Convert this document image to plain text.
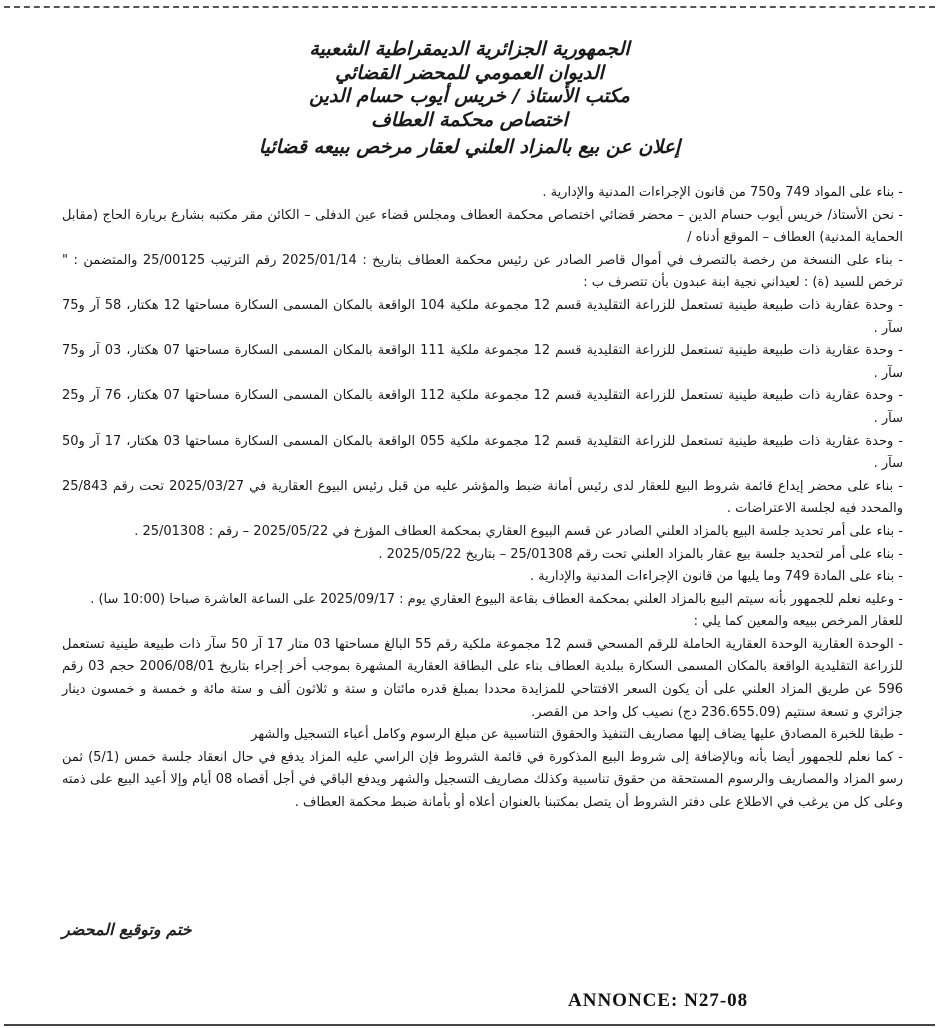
الجمهورية الجزائرية الديمقراطية الشعبية
الديوان العمومي للمحضر القضائي
مكتب الأستاذ / خريس أيوب حسام الدين
اختصاص محكمة العطاف
إعلان عن بيع بالمزاد العلني لعقار مرخص ببيعه قضائيا

- بناء على المواد 749 و750 من قانون الإجراءات المدنية والإدارية .

- نحن الأستاذ/ خريس أيوب حسام الدين – محضر قضائي اختصاص محكمة العطاف ومجلس قضاء عين الدفلى – الكائن مقر مكتبه بشارع بريارة الحاج (مقابل الحماية المدنية) العطاف – الموقع أدناه /

- بناء على النسخة من رخصة بالتصرف في أموال قاصر الصادر عن رئيس محكمة العطاف بتاريخ : 2025/01/14 رقم الترتيب 25/00125 والمتضمن : " ترخص للسيد (ة) : لعيداني نجية ابنة عبدون بأن تتصرف ب :

- وحدة عقارية ذات طبيعة طينية تستعمل للزراعة التقليدية قسم 12 مجموعة ملكية 104 الواقعة بالمكان المسمى السكارة مساحتها 12 هكتار، 58 آر و75 سآر .

- وحدة عقارية ذات طبيعة طينية تستعمل للزراعة التقليدية قسم 12 مجموعة ملكية 111 الواقعة بالمكان المسمى السكارة مساحتها 07 هكتار، 03 آر و75 سآر .

- وحدة عقارية ذات طبيعة طينية تستعمل للزراعة التقليدية قسم 12 مجموعة ملكية 112 الواقعة بالمكان المسمى السكارة مساحتها 07 هكتار، 76 آر و25 سآر .

- وحدة عقارية ذات طبيعة طينية تستعمل للزراعة التقليدية قسم 12 مجموعة ملكية 055 الواقعة بالمكان المسمى السكارة مساحتها 03 هكتار، 17 آر و50 سآر .

- بناء على محضر إيداع قائمة شروط البيع للعقار لدى رئيس أمانة ضبط والمؤشر عليه من قبل رئيس البيوع العقارية في 2025/03/27 تحت رقم 25/843 والمحدد فيه لجلسة الاعتراضات .

- بناء على أمر تحديد جلسة البيع بالمزاد العلني الصادر عن قسم البيوع العقاري بمحكمة العطاف المؤرخ في 2025/05/22 – رقم : 25/01308 .

- بناء على أمر لتحديد جلسة بيع عقار بالمزاد العلني تحت رقم 25/01308 – بتاريخ 2025/05/22 .

- بناء على المادة 749 وما يليها من قانون الإجراءات المدنية والإدارية .

- وعليه نعلم للجمهور بأنه سيتم البيع بالمزاد العلني بمحكمة العطاف بقاعة البيوع العقاري يوم : 2025/09/17 على الساعة العاشرة صباحا (10:00 سا) .

للعقار المرخص ببيعه والمعين كما يلي :

- الوحدة العقارية الوحدة العقارية الحاملة للرقم المسحي قسم 12 مجموعة ملكية رقم 55 البالغ مساحتها 03 متار 17 آر 50 سآر ذات طبيعة طينية تستعمل للزراعة التقليدية الواقعة بالمكان المسمى السكارة ببلدية العطاف بناء على البطاقة العقارية المشهرة بموجب أخر إجراء بتاريخ 2006/08/01 حجم 03 رقم 596 عن طريق المزاد العلني على أن يكون السعر الافتتاحي للمزايدة محددا بمبلغ قدره مائتان و ستة و ثلاثون ألف و ستة مائة و خمسة و خمسون دينار جزائري و تسعة سنتيم (236.655.09 دج) نصيب كل واحد من القصر.

- طبقا للخبرة المصادق عليها يضاف إليها مصاريف التنفيذ والحقوق التناسبية عن مبلغ الرسوم وكامل أعباء التسجيل والشهر

- كما نعلم للجمهور أيضا بأنه وبالإضافة إلى شروط البيع المذكورة في قائمة الشروط فإن الراسي عليه المزاد يدفع في حال انعقاد جلسة خمس (5/1) ثمن رسو المزاد والمصاريف والرسوم المستحقة من حقوق تناسبية وكذلك مصاريف التسجيل والشهر ويدفع الباقي في أجل أقصاه 08 أيام وإلا أعيد البيع على ذمته وعلى كل من يرغب في الاطلاع على دفتر الشروط أن يتصل بمكتبنا بالعنوان أعلاه أو بأمانة ضبط محكمة العطاف .

ختم وتوقيع المحضر
ANNONCE: N27-08
